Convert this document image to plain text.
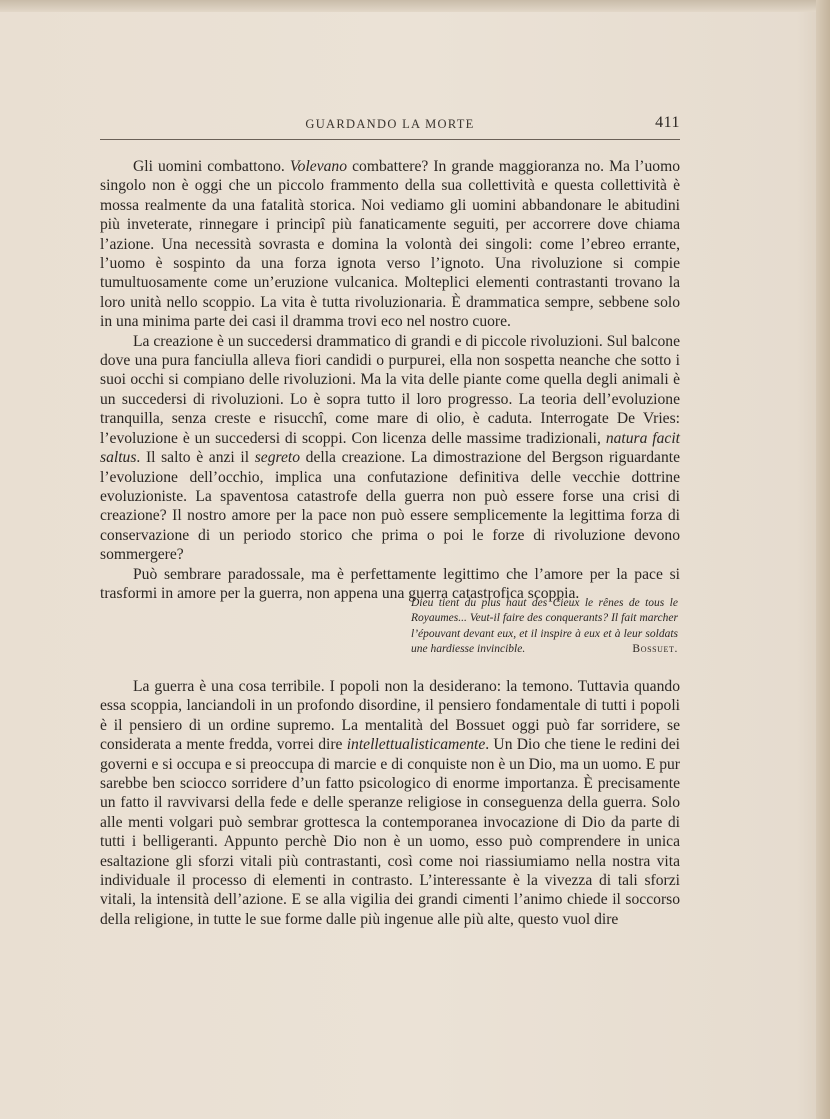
GUARDANDO LA MORTE	411

Gli uomini combattono. Volevano combattere? In grande maggioranza no. Ma l’uomo singolo non è oggi che un piccolo frammento della sua collettività e questa collettività è mossa realmente da una fatalità storica. Noi vediamo gli uomini abbandonare le abitudini più inveterate, rinnegare i principî più fanaticamente seguiti, per accorrere dove chiama l’azione. Una necessità sovrasta e domina la volontà dei singoli: come l’ebreo errante, l’uomo è sospinto da una forza ignota verso l’ignoto. Una rivoluzione si compie tumultuosamente come un’eruzione vulcanica. Molteplici elementi contrastanti trovano la loro unità nello scoppio. La vita è tutta rivoluzionaria. È drammatica sempre, sebbene solo in una minima parte dei casi il dramma trovi eco nel nostro cuore.

La creazione è un succedersi drammatico di grandi e di piccole rivoluzioni. Sul balcone dove una pura fanciulla alleva fiori candidi o purpurei, ella non sospetta neanche che sotto i suoi occhi si compiano delle rivoluzioni. Ma la vita delle piante come quella degli animali è un succedersi di rivoluzioni. Lo è sopra tutto il loro progresso. La teoria dell’evoluzione tranquilla, senza creste e risucchî, come mare di olio, è caduta. Interrogate De Vries: l’evoluzione è un succedersi di scoppi. Con licenza delle massime tradizionali, natura facit saltus. Il salto è anzi il segreto della creazione. La dimostrazione del Bergson riguardante l’evoluzione dell’occhio, implica una confutazione definitiva delle vecchie dottrine evoluzioniste. La spaventosa catastrofe della guerra non può essere forse una crisi di creazione? Il nostro amore per la pace non può essere semplicemente la legittima forza di conservazione di un periodo storico che prima o poi le forze di rivoluzione devono sommergere?

Può sembrare paradossale, ma è perfettamente legittimo che l’amore per la pace si trasformi in amore per la guerra, non appena una guerra catastrofica scoppia.

Dieu tient du plus haut des Cieux le rênes de tous le Royaumes... Veut-il faire des conquerants? Il fait marcher l’épouvant devant eux, et il inspire à eux et à leur soldats une hardiesse invincible.	Bossuet.

La guerra è una cosa terribile. I popoli non la desiderano: la temono. Tuttavia quando essa scoppia, lanciandoli in un profondo disordine, il pensiero fondamentale di tutti i popoli è il pensiero di un ordine supremo. La mentalità del Bossuet oggi può far sorridere, se considerata a mente fredda, vorrei dire intellettualisticamente. Un Dio che tiene le redini dei governi e si occupa e si preoccupa di marcie e di conquiste non è un Dio, ma un uomo. E pur sarebbe ben sciocco sorridere d’un fatto psicologico di enorme importanza. È precisamente un fatto il ravvivarsi della fede e delle speranze religiose in conseguenza della guerra. Solo alle menti volgari può sembrar grottesca la contemporanea invocazione di Dio da parte di tutti i belligeranti. Appunto perchè Dio non è un uomo, esso può comprendere in unica esaltazione gli sforzi vitali più contrastanti, così come noi riassiumiamo nella nostra vita individuale il processo di elementi in contrasto. L’interessante è la vivezza di tali sforzi vitali, la intensità dell’azione. E se alla vigilia dei grandi cimenti l’animo chiede il soccorso della religione, in tutte le sue forme dalle più ingenue alle più alte, questo vuol dire
